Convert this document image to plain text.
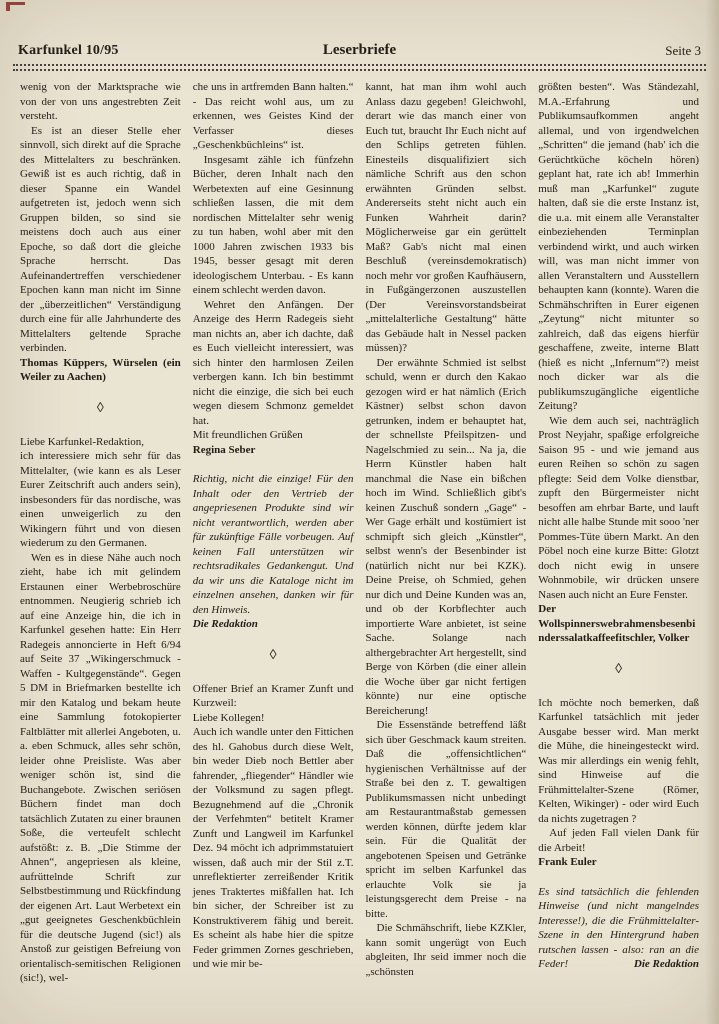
Karfunkel 10/95	Leserbriefe	Seite 3
wenig von der Marktsprache wie von der von uns angestrebten Zeit versteht.
Es ist an dieser Stelle eher sinnvoll, sich direkt auf die Sprache des Mittelalters zu beschränken. Gewiß ist es auch richtig, daß in dieser Spanne ein Wandel aufgetreten ist, jedoch wenn sich Gruppen bilden, so sind sie meistens doch auch aus einer Epoche, so daß dort die gleiche Sprache herrscht. Das Aufeinandertreffen verschiedener Epochen kann man nicht im Sinne der „überzeitlichen“ Verständigung durch eine für alle Jahrhunderte des Mittelalters geltende Sprache verbinden.
Thomas Küppers, Würselen (ein Weiler zu Aachen)
◊
Liebe Karfunkel-Redaktion,
ich interessiere mich sehr für das Mittelalter, (wie kann es als Leser Eurer Zeitschrift auch anders sein), insbesonders für das nordische, was einen unweigerlich zu den Wikingern führt und von diesen wiederum zu den Germanen.
Wen es in diese Nähe auch noch zieht, habe ich mit gelindem Erstaunen einer Werbebroschüre entnommen. Neugierig schrieb ich auf eine Anzeige hin, die ich in Karfunkel gesehen hatte: Ein Herr Radegeis annoncierte in Heft 6/94 auf Seite 37 „Wikingerschmuck - Waffen - Kultgegenstände“. Gegen 5 DM in Briefmarken bestellte ich mir den Katalog und bekam heute eine Sammlung fotokopierter Faltblätter mit allerlei Angeboten, u. a. eben Schmuck, alles sehr schön, leider ohne Preisliste. Was aber weniger schön ist, sind die Buchangebote. Zwischen seriösen Büchern findet man doch tatsächlich Zutaten zu einer braunen Soße, die verteufelt schlecht aufstößt: z. B. „Die Stimme der Ahnen“, angepriesen als kleine, aufrüttelnde Schrift zur Selbstbestimmung und Rückfindung der eigenen Art. Laut Werbetext ein „gut geeignetes Geschenkbüchlein für die deutsche Jugend (sic!) als Anstoß zur geistigen Befreiung von orientalisch-semitischen Religionen (sic!), wel-
che uns in artfremden Bann halten.“ - Das reicht wohl aus, um zu erkennen, wes Geistes Kind der Verfasser dieses „Geschenkbüchleins“ ist.
Insgesamt zähle ich fünfzehn Bücher, deren Inhalt nach den Werbetexten auf eine Gesinnung schließen lassen, die mit dem nordischen Mittelalter sehr wenig zu tun haben, wohl aber mit den 1000 Jahren zwischen 1933 bis 1945, besser gesagt mit deren ideologischem Unterbau. - Es kann einem schlecht werden davon.
Wehret den Anfängen. Der Anzeige des Herrn Radegeis sieht man nichts an, aber ich dachte, daß es Euch vielleicht interessiert, was sich hinter den harmlosen Zeilen verbergen kann. Ich bin bestimmt nicht die einzige, die sich bei euch wegen diesem Schmonz gemeldet hat.
Mit freundlichen Grüßen
Regina Seber
Richtig, nicht die einzige! Für den Inhalt oder den Vertrieb der angepriesenen Produkte sind wir nicht verantwortlich, werden aber für zukünftige Fälle vorbeugen. Auf keinen Fall unterstützen wir rechtsradikales Gedankengut. Und da wir uns die Kataloge nicht im einzelnen ansehen, danken wir für den Hinweis.
Die Redaktion
◊
Offener Brief an Kramer Zunft und Kurzweil:
Liebe Kollegen!
Auch ich wandle unter den Fittichen des hl. Gahobus durch diese Welt, bin weder Dieb noch Bettler aber fahrender, „fliegender“ Händler wie der Volksmund zu sagen pflegt. Bezugnehmend auf die „Chronik der Verfehmten“ betitelt Kramer Zunft und Langweil im Karfunkel Dez. 94 möcht ich adprimmstatuiert wissen, daß auch mir der Stil z.T. unreflektierter zerreißender Kritik jenes Traktertes mißfallen hat. Ich bin sicher, der Schreiber ist zu Konstruktiverem fähig und bereit. Es scheint als habe hier die spitze Feder grimmen Zornes geschrieben, und wie mir be-
kannt, hat man ihm wohl auch Anlass dazu gegeben! Gleichwohl, derart wie das manch einer von Euch tut, braucht Ihr Euch nicht auf den Schlips getreten fühlen. Einesteils disqualifiziert sich nämliche Schrift aus den schon erwähnten Gründen selbst. Andererseits steht nicht auch ein Funken Wahrheit darin? Möglicherweise gar ein gerüttelt Maß? Gab's nicht mal einen Beschluß (vereinsdemokratisch) noch mehr vor großen Kaufhäusern, in Fußgängerzonen auszustellen (Der Vereinsvorstandsbeirat „mittelalterliche Gestaltung“ hätte das Gebäude halt in Nessel packen müssen)?
Der erwähnte Schmied ist selbst schuld, wenn er durch den Kakao gezogen wird er hat nämlich (Erich Kästner) selbst schon davon getrunken, indem er behauptet hat, der schnellste Pfeilspitzen- und Nagelschmied zu sein... Na ja, die Herrn Künstler haben halt manchmal die Nase ein bißchen hoch im Wind. Schließlich gibt's keinen Zuschuß sondern „Gage“ - Wer Gage erhält und kostümiert ist schmipft sich gleich „Künstler“, selbst wenn's der Besenbinder ist (natürlich nicht nur bei KZK). Deine Preise, oh Schmied, gehen nur dich und Deine Kunden was an, und ob der Korbflechter auch importierte Ware anbietet, ist seine Sache. Solange nach althergebrachter Art hergestellt, sind Berge von Körben (die einer allein die Woche über gar nicht fertigen könnte) nur eine optische Bereicherung!
Die Essenstände betreffend läßt sich über Geschmack kaum streiten. Daß die „offensichtlichen“ hygienischen Verhältnisse auf der Straße bei den z. T. gewaltigen Publikumsmassen nicht unbedingt am Restaurantmaßstab gemessen werden können, dürfte jedem klar sein. Für die Qualität der angebotenen Speisen und Getränke spricht im selben Karfunkel das erlauchte Volk sie ja leistungsgerecht dem Preise - na bitte.
Die Schmähschrift, liebe KZKler, kann somit ungerügt von Euch abgleiten, Ihr seid immer noch die „schönsten
größten besten“. Was Ständezahl, M.A.-Erfahrung und Publikumsaufkommen angeht allemal, und von irgendwelchen „Schritten“ die jemand (hab' ich die Gerüchtküche köcheln hören) geplant hat, rate ich ab! Immerhin muß man „Karfunkel“ zugute halten, daß sie die erste Instanz ist, die u.a. mit einem alle Veranstalter einbeziehenden Terminplan verbindend wirkt, und auch wirken will, was man nicht immer von allen Veranstaltern und Ausstellern behaupten kann (konnte). Waren die Schmähschriften in Eurer eigenen „Zeytung“ nicht mitunter so zahlreich, daß das eigens hierfür geschaffene, zweite, interne Blatt (hieß es nicht „Infernum“?) meist noch dicker war als die publikumszugängliche eigentliche Zeitung?
Wie dem auch sei, nachträglich Prost Neyjahr, spaßige erfolgreiche Saison 95 - und wie jemand aus euren Reihen so schön zu sagen pflegte: Seid dem Volke dienstbar, zupft den Bürgermeister nicht besoffen am ehrbar Barte, und lauft nicht alle halbe Stunde mit sooo 'ner Pommes-Tüte übern Markt. An den Pöbel noch eine kurze Bitte: Glotzt doch nicht ewig in unsere Wohnmobile, wir drücken unsere Nasen auch nicht an Eure Fenster.
Der Wollspinnerswebrahmensbesenbinderssalatkaffeefitschler, Volker
◊
Ich möchte noch bemerken, daß Karfunkel tatsächlich mit jeder Ausgabe besser wird. Man merkt die Mühe, die hineingesteckt wird. Was mir allerdings ein wenig fehlt, sind Hinweise auf die Frühmittelalter-Szene (Römer, Kelten, Wikinger) - oder wird Euch da nichts zugetragen ?
Auf jeden Fall vielen Dank für die Arbeit!
Frank Euler
Es sind tatsächlich die fehlenden Hinweise (und nicht mangelndes Interesse!), die die Frühmittelalter-Szene in den Hintergrund haben rutschen lassen - also: ran an die Feder!	Die Redaktion
